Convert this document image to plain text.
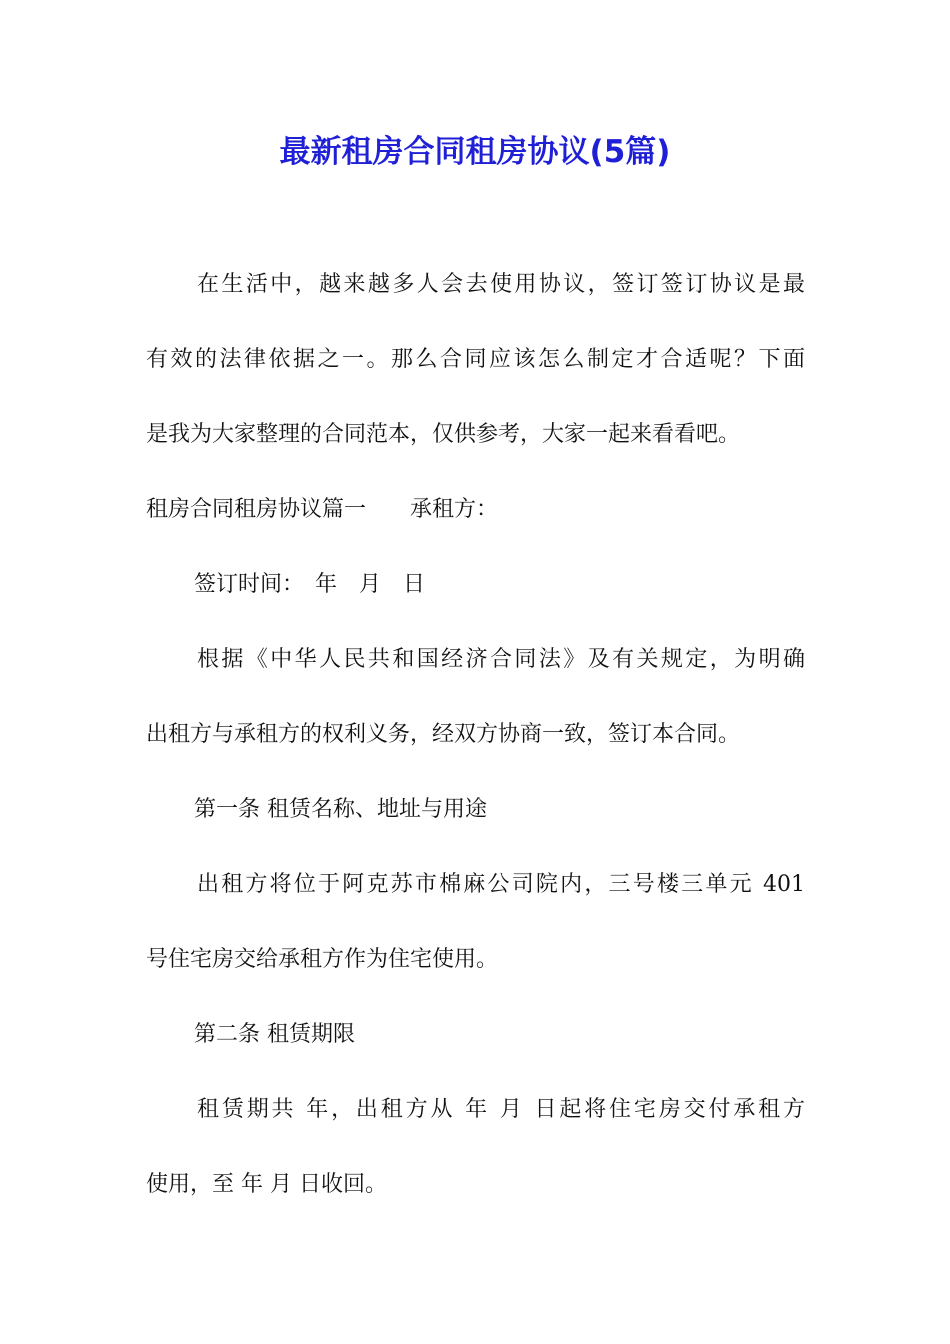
最新租房合同租房协议(5篇)
在生活中，越来越多人会去使用协议，签订签订协议是最
有效的法律依据之一。那么合同应该怎么制定才合适呢？下面
是我为大家整理的合同范本，仅供参考，大家一起来看看吧。
租房合同租房协议篇一　　承租方：
签订时间：　年　月　日
根据《中华人民共和国经济合同法》及有关规定，为明确
出租方与承租方的权利义务，经双方协商一致，签订本合同。
第一条 租赁名称、地址与用途
出租方将位于阿克苏市棉麻公司院内，三号楼三单元 401
号住宅房交给承租方作为住宅使用。
第二条 租赁期限
租赁期共 年，出租方从 年 月 日起将住宅房交付承租方
使用，至 年 月 日收回。
